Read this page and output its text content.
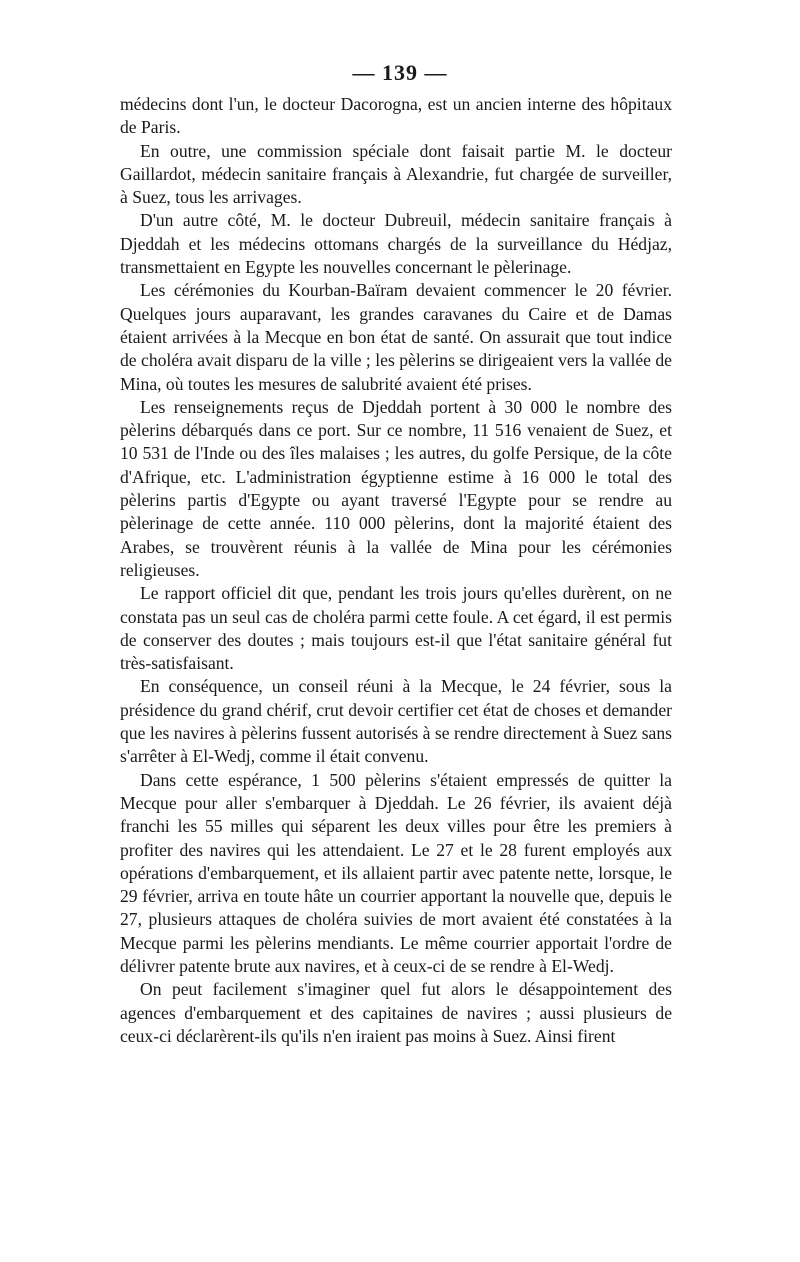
— 139 —

médecins dont l'un, le docteur Dacorogna, est un ancien interne des hôpitaux de Paris.

En outre, une commission spéciale dont faisait partie M. le docteur Gaillardot, médecin sanitaire français à Alexandrie, fut chargée de surveiller, à Suez, tous les arrivages.

D'un autre côté, M. le docteur Dubreuil, médecin sanitaire français à Djeddah et les médecins ottomans chargés de la surveillance du Hédjaz, transmettaient en Egypte les nouvelles concernant le pèlerinage.

Les cérémonies du Kourban-Baïram devaient commencer le 20 février. Quelques jours auparavant, les grandes caravanes du Caire et de Damas étaient arrivées à la Mecque en bon état de santé. On assurait que tout indice de choléra avait disparu de la ville ; les pèlerins se dirigeaient vers la vallée de Mina, où toutes les mesures de salubrité avaient été prises.

Les renseignements reçus de Djeddah portent à 30 000 le nombre des pèlerins débarqués dans ce port. Sur ce nombre, 11 516 venaient de Suez, et 10 531 de l'Inde ou des îles malaises ; les autres, du golfe Persique, de la côte d'Afrique, etc. L'administration égyptienne estime à 16 000 le total des pèlerins partis d'Egypte ou ayant traversé l'Egypte pour se rendre au pèlerinage de cette année. 110 000 pèlerins, dont la majorité étaient des Arabes, se trouvèrent réunis à la vallée de Mina pour les cérémonies religieuses.

Le rapport officiel dit que, pendant les trois jours qu'elles durèrent, on ne constata pas un seul cas de choléra parmi cette foule. A cet égard, il est permis de conserver des doutes ; mais toujours est-il que l'état sanitaire général fut très-satisfaisant.

En conséquence, un conseil réuni à la Mecque, le 24 février, sous la présidence du grand chérif, crut devoir certifier cet état de choses et demander que les navires à pèlerins fussent autorisés à se rendre directement à Suez sans s'arrêter à El-Wedj, comme il était convenu.

Dans cette espérance, 1 500 pèlerins s'étaient empressés de quitter la Mecque pour aller s'embarquer à Djeddah. Le 26 février, ils avaient déjà franchi les 55 milles qui séparent les deux villes pour être les premiers à profiter des navires qui les attendaient. Le 27 et le 28 furent employés aux opérations d'embarquement, et ils allaient partir avec patente nette, lorsque, le 29 février, arriva en toute hâte un courrier apportant la nouvelle que, depuis le 27, plusieurs attaques de choléra suivies de mort avaient été constatées à la Mecque parmi les pèlerins mendiants. Le même courrier apportait l'ordre de délivrer patente brute aux navires, et à ceux-ci de se rendre à El-Wedj.

On peut facilement s'imaginer quel fut alors le désappointement des agences d'embarquement et des capitaines de navires ; aussi plusieurs de ceux-ci déclarèrent-ils qu'ils n'en iraient pas moins à Suez. Ainsi firent
